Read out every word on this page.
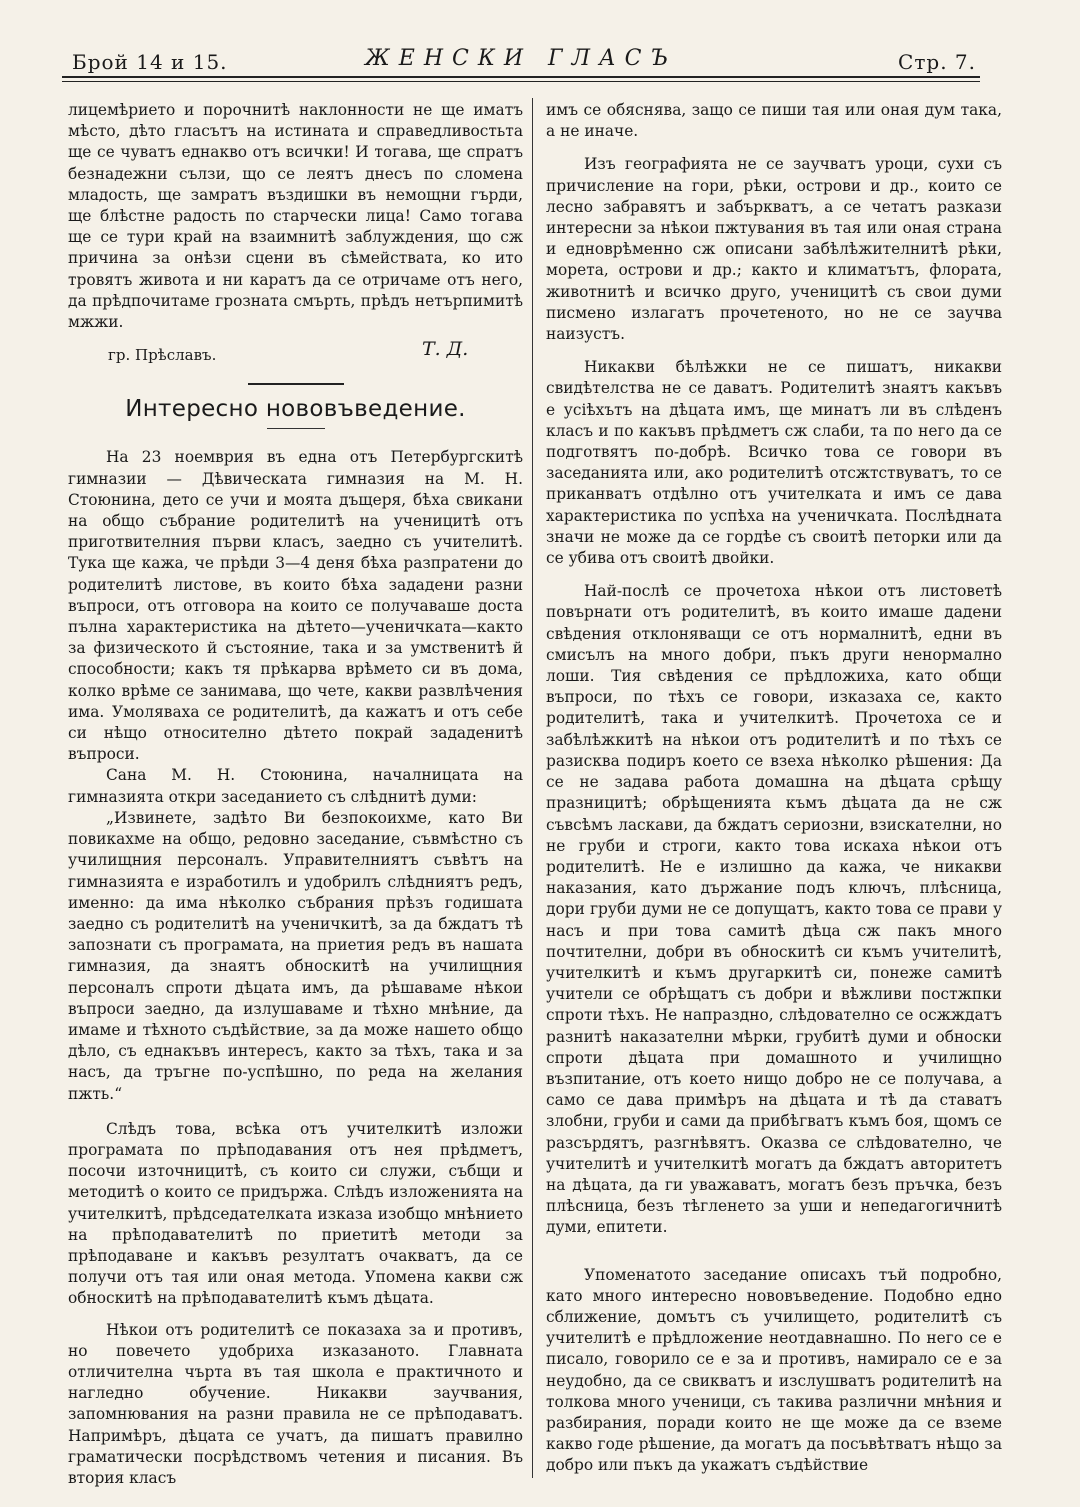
Брой 14 и 15.	ЖЕНСКИ ГЛАСЪ	Стр. 7.

лицемѣрието и порочнитѣ наклонности не ще иматъ мѣсто, дѣто гласътъ на истината и справедливостьта ще се чуватъ еднакво отъ всички! И тогава, ще спратъ безнадежни сълзи, що се леятъ днесъ по сломена младость, ще замратъ въздишки въ немощни гърди, ще блѣстне радость по старчески лица! Само тогава ще се тури край на взаимнитѣ заблуждения, що сж причина за онѣзи сцени въ сѣмействата, ко ито тровятъ живота и ни каратъ да се отричаме отъ него, да прѣдпочитаме грозната смърть, прѣдъ нетърпимитѣ мжжи.

гр. Прѣславъ.	Т. Д.
Интересно нововъведение.

На 23 ноемврия въ една отъ Петербургскитѣ гимназии — Дѣвическата гимназия на М. Н. Стоюнина, дето се учи и моята дъщеря, бѣха свикани на общо събрание родителитѣ на ученицитѣ отъ приготвителния първи класъ, заедно съ учителитѣ. Тука ще кажа, че прѣди 3—4 деня бѣха разпратени до родителитѣ листове, въ които бѣха зададени разни въпроси, отъ отговора на които се получаваше доста пълна характеристика на дѣтето—ученичката—както за физическото й състояние, така и за умственитѣ й способности; какъ тя прѣкарва врѣмето си въ дома, колко врѣме се занимава, що чете, какви развлѣчения има. Умоляваха се родителитѣ, да кажатъ и отъ себе си нѣщо относително дѣтето покрай зададенитѣ въпроси.

Сана М. Н. Стоюнина, началницата на гимназията откри заседанието съ слѣднитѣ думи:

„Извинете, задѣто Ви безпокоихме, като Ви повикахме на общо, редовно заседание, съвмѣстно съ училищния персоналъ. Управителниятъ съвѣтъ на гимназията е изработилъ и удобрилъ слѣдниятъ редъ, именно: да има нѣколко събрания прѣзъ годишата заедно съ родителитѣ на ученичкитѣ, за да бждатъ тѣ запознати съ програмата, на приетия редъ въ нашата гимназия, да знаятъ обноскитѣ на училищния персоналъ спроти дѣцата имъ, да рѣшаваме нѣкои въпроси заедно, да излушаваме и тѣхно мнѣние, да имаме и тѣхното съдѣйствие, за да може нашето общо дѣло, съ еднакъвъ интересъ, както за тѣхъ, така и за насъ, да тръгне по-успѣшно, по реда на желания пжть.“

Слѣдъ това, всѣка отъ учителкитѣ изложи програмата по прѣподавания отъ нея прѣдметъ, посочи източницитѣ, съ които си служи, събщи и методитѣ о които се придържа. Слѣдъ изложенията на учителкитѣ, прѣдседателката изказа изобщо мнѣнието на прѣподавателитѣ по приетитѣ методи за прѣподаване и какъвъ резултатъ очакватъ, да се получи отъ тая или оная метода. Упомена какви сж обноскитѣ на прѣподавателитѣ къмъ дѣцата.

Нѣкои отъ родителитѣ се показаха за и противъ, но повечето удобриха изказаното. Главната отличителна чърта въ тая школа е практичното и нагледно обучение. Никакви заучвания, запомнювания на разни правила не се прѣподаватъ. Напримѣръ, дѣцата се учатъ, да пишатъ правилно граматически посрѣдствомъ четения и писания. Въ втория класъ

имъ се обяснява, защо се пиши тая или оная дум така, а не иначе.

Изъ географията не се заучватъ уроци, сухи съ причисление на гори, рѣки, острови и др., които се лесно забравятъ и забъркватъ, а се четатъ разкази интересни за нѣкои пжтувания въ тая или оная страна и едноврѣменно сж описани забѣлѣжителнитѣ рѣки, морета, острови и др.; както и климатътъ, флората, животнитѣ и всичко друго, ученицитѣ съ свои думи писмено излагатъ прочетеното, но не се заучва наизустъ.

Никакви бѣлѣжки не се пишатъ, никакви свидѣтелства не се даватъ. Родителитѣ знаятъ какъвъ е усiѣхътъ на дѣцата имъ, ще минатъ ли въ слѣденъ класъ и по какъвъ прѣдметъ сж слаби, та по него да се подготвятъ по-добрѣ. Всичко това се говори въ заседанията или, ако родителитѣ отсжтствуватъ, то се приканватъ отдѣлно отъ учителката и имъ се дава характеристика по успѣха на ученичката. Послѣдната значи не може да се гордѣе съ своитѣ петорки или да се убива отъ своитѣ двойки.

Най-послѣ се прочетоха нѣкои отъ листоветѣ повърнати отъ родителитѣ, въ които имаше дадени свѣдения отклоняващи се отъ нормалнитѣ, едни въ смисълъ на много добри, пъкъ други ненормално лоши. Тия свѣдения се прѣдложиха, като общи въпроси, по тѣхъ се говори, изказаха се, както родителитѣ, така и учителкитѣ. Прочетоха се и забѣлѣжкитѣ на нѣкои отъ родителитѣ и по тѣхъ се разисква подиръ което се взеха нѣколко рѣшения: Да се не задава работа домашна на дѣцата срѣщу празницитѣ; обрѣщенията къмъ дѣцата да не сж съвсѣмъ ласкави, да бждатъ сериозни, взискателни, но не груби и строги, както това искаха нѣкои отъ родителитѣ. Не е излишно да кажа, че никакви наказания, като държание подъ ключъ, плѣсница, дори груби думи не се допущатъ, както това се прави у насъ и при това самитѣ дѣца сж пакъ много почтителни, добри въ обноскитѣ си къмъ учителитѣ, учителкитѣ и къмъ другаркитѣ си, понеже самитѣ учители се обрѣщатъ съ добри и вѣжливи постжпки спроти тѣхъ. Не напраздно, слѣдователно се осжждатъ разнитѣ наказателни мѣрки, грубитѣ думи и обноски спроти дѣцата при домашното и училищно възпитание, отъ което нищо добро не се получава, а само се дава примѣръ на дѣцата и тѣ да ставатъ злобни, груби и сами да прибѣгватъ къмъ боя, щомъ се разсърдятъ, разгнѣвятъ. Оказва се слѣдователно, че учителитѣ и учителкитѣ могатъ да бждатъ авторитетъ на дѣцата, да ги уважаватъ, могатъ безъ пръчка, безъ плѣсница, безъ тѣгленето за уши и непедагогичнитѣ думи, епитети.

Упоменатото заседание описахъ тъй подробно, като много интересно нововъведение. Подобно едно сближение, домътъ съ училището, родителитѣ съ учителитѣ е прѣдложение неотдавнашно. По него се е писало, говорило се е за и противъ, намирало се е за неудобно, да се свикватъ и изслушватъ родителитѣ на толкова много ученици, съ такива различни мнѣния и разбирания, поради които не ще може да се вземе какво годе рѣшение, да могатъ да посъвѣтватъ нѣщо за добро или пъкъ да укажатъ съдѣйствие
